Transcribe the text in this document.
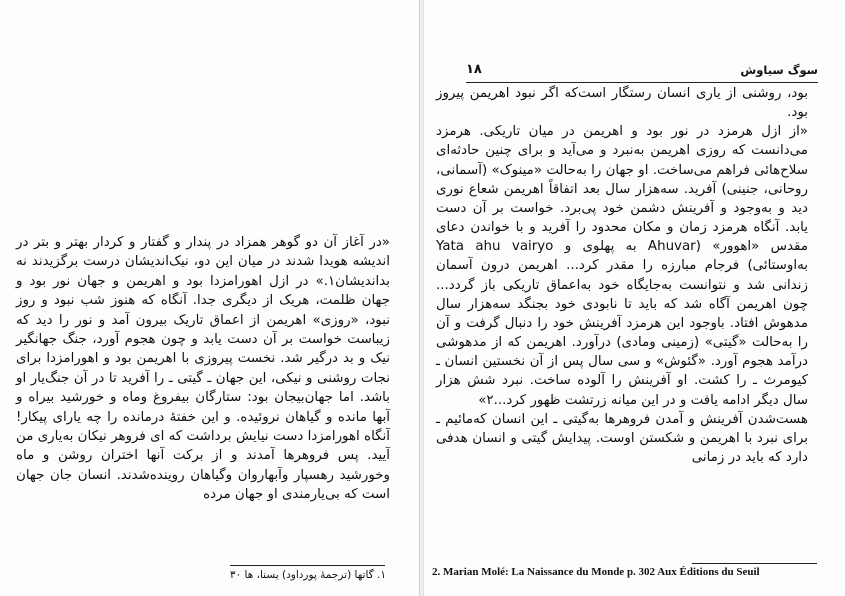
«در آغاز آن دو گوهر همزاد در پندار و گفتار و کردار بهتر و بتر در اندیشه هویدا شدند در میان این دو، نیک‌اندیشان درست برگزیدند نه بداندیشان۱.» در ازل اهورامزدا بود و اهریمن و جهان نور بود و جهان ظلمت، هریک از دیگری جدا. آنگاه که هنوز شب نبود و روز نبود، «روزی» اهریمن از اعماق تاریک بیرون آمد و نور را دید که زیباست خواست بر آن دست یابد و چون هجوم آورد، جنگ جهانگیر نیک و بد درگیر شد. نخست پیروزی با اهریمن بود و اهورامزدا برای نجات روشنی و نیکی، این جهان ـ گیتی ـ را آفرید تا در آن جنگ‌یار او باشد. اما جهان‌بیجان بود: ستارگان بیفروغ وماه و خورشید بیراه و آبها مانده و گیاهان نروئیده. و این خفتهٔ درمانده را چه یارای پیکار! آنگاه اهورامزدا دست نیایش برداشت که ای فروهر نیکان به‌یاری من آیید. پس فروهرها آمدند و از برکت آنها اختران روشن و ماه وخورشید رهسپار وآبهاروان وگیاهان روینده‌شدند. انسان جان جهان است که بی‌یارمندی او جهان مرده

۱. گاتها (ترجمهٔ پورداود) یسنا، ها ۳۰
سوگ سیاوش
۱۸

بود، روشنی از یاری انسان رستگار است‌که اگر نبود اهریمن پیروز بود.

«از ازل هرمزد در نور بود و اهریمن در میان تاریکی. هرمزد می‌دانست که روزی اهریمن به‌نبرد و می‌آید و برای چنین حادثه‌ای سلاح‌هائی فراهم می‌ساخت. او جهان را به‌حالت «مینوک» (آسمانی، روحانی، جنینی) آفرید. سه‌هزار سال بعد اتفاقاً اهریمن شعاع نوری دید و به‌وجود و آفرینش دشمن خود پی‌برد. خواست بر آن دست یابد. آنگاه هرمزد زمان و مکان محدود را آفرید و با خواندن دعای مقدس «اهوور» (Ahuvar به پهلوی و Yata ahu vairyo به‌اوستائی) فرجام مبارزه را مقدر کرد... اهریمن درون آسمان زندانی شد و نتوانست به‌جایگاه خود به‌اعماق تاریکی باز گردد... چون اهریمن آگاه شد که باید تا نابودی خود بجنگد سه‌هزار سال مدهوش افتاد. باوجود این هرمزد آفرینش خود را دنبال گرفت و آن را به‌حالت «گیتی» (زمینی ومادی) درآورد. اهریمن که از مدهوشی درآمد هجوم آورد. «گئوش» و سی سال پس از آن نخستین انسان ـ کیومرث ـ را کشت. او آفرینش را آلوده ساخت. نبرد شش هزار سال دیگر ادامه یافت و در این میانه زرتشت ظهور کرد...۲»

هست‌شدن آفرینش و آمدن فروهرها به‌گیتی ـ این انسان که‌مائیم ـ برای نبرد با اهریمن و شکستن اوست. پیدایش گیتی و انسان هدفی دارد که باید در زمانی

2. Marian Molé: La Naissance du Monde p. 302 Aux Éditions du Seuil
